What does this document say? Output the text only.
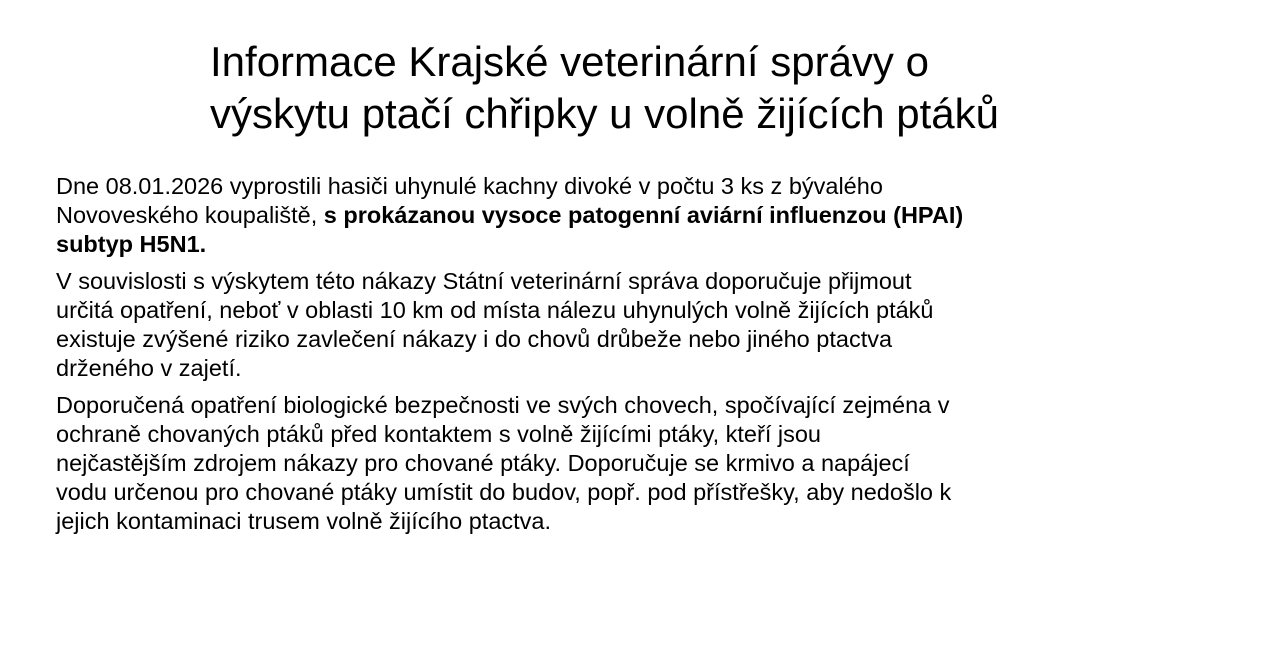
Informace Krajské veterinární správy o
výskytu ptačí chřipky u volně žijících ptáků

Dne 08.01.2026 vyprostili hasiči uhynulé kachny divoké v počtu 3 ks z bývalého
Novoveského koupaliště, s prokázanou vysoce patogenní aviární influenzou (HPAI)
subtyp H5N1.

V souvislosti s výskytem této nákazy Státní veterinární správa doporučuje přijmout
určitá opatření, neboť v oblasti 10 km od místa nálezu uhynulých volně žijících ptáků
existuje zvýšené riziko zavlečení nákazy i do chovů drůbeže nebo jiného ptactva
drženého v zajetí.

Doporučená opatření biologické bezpečnosti ve svých chovech, spočívající zejména v
ochraně chovaných ptáků před kontaktem s volně žijícími ptáky, kteří jsou
nejčastějším zdrojem nákazy pro chované ptáky. Doporučuje se krmivo a napájecí
vodu určenou pro chované ptáky umístit do budov, popř. pod přístřešky, aby nedošlo k
jejich kontaminaci trusem volně žijícího ptactva.
